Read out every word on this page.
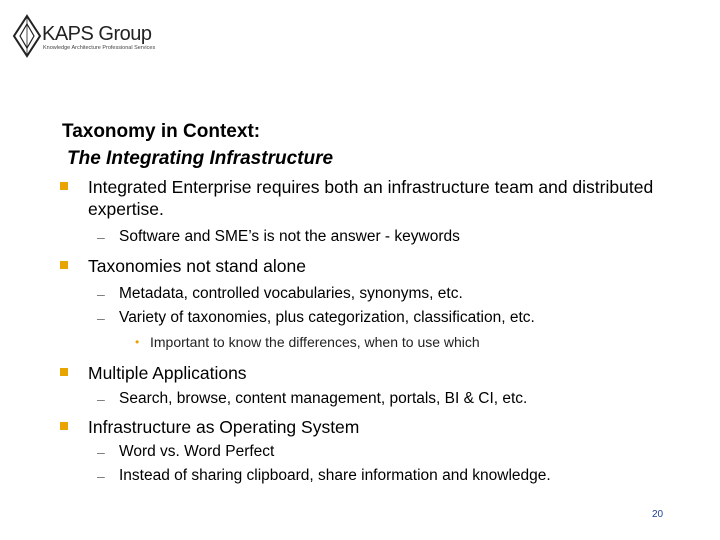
KAPS Group
Knowledge Architecture Professional Services
Taxonomy in Context:
The Integrating Infrastructure
Integrated Enterprise requires both an infrastructure team and distributed expertise.
– Software and SME’s is not the answer - keywords
Taxonomies not stand alone
– Metadata, controlled vocabularies, synonyms, etc.
– Variety of taxonomies, plus categorization, classification, etc.
• Important to know the differences, when to use which
Multiple Applications
– Search, browse, content management, portals, BI & CI, etc.
Infrastructure as Operating System
– Word vs. Word Perfect
– Instead of sharing clipboard, share information and knowledge.
20
